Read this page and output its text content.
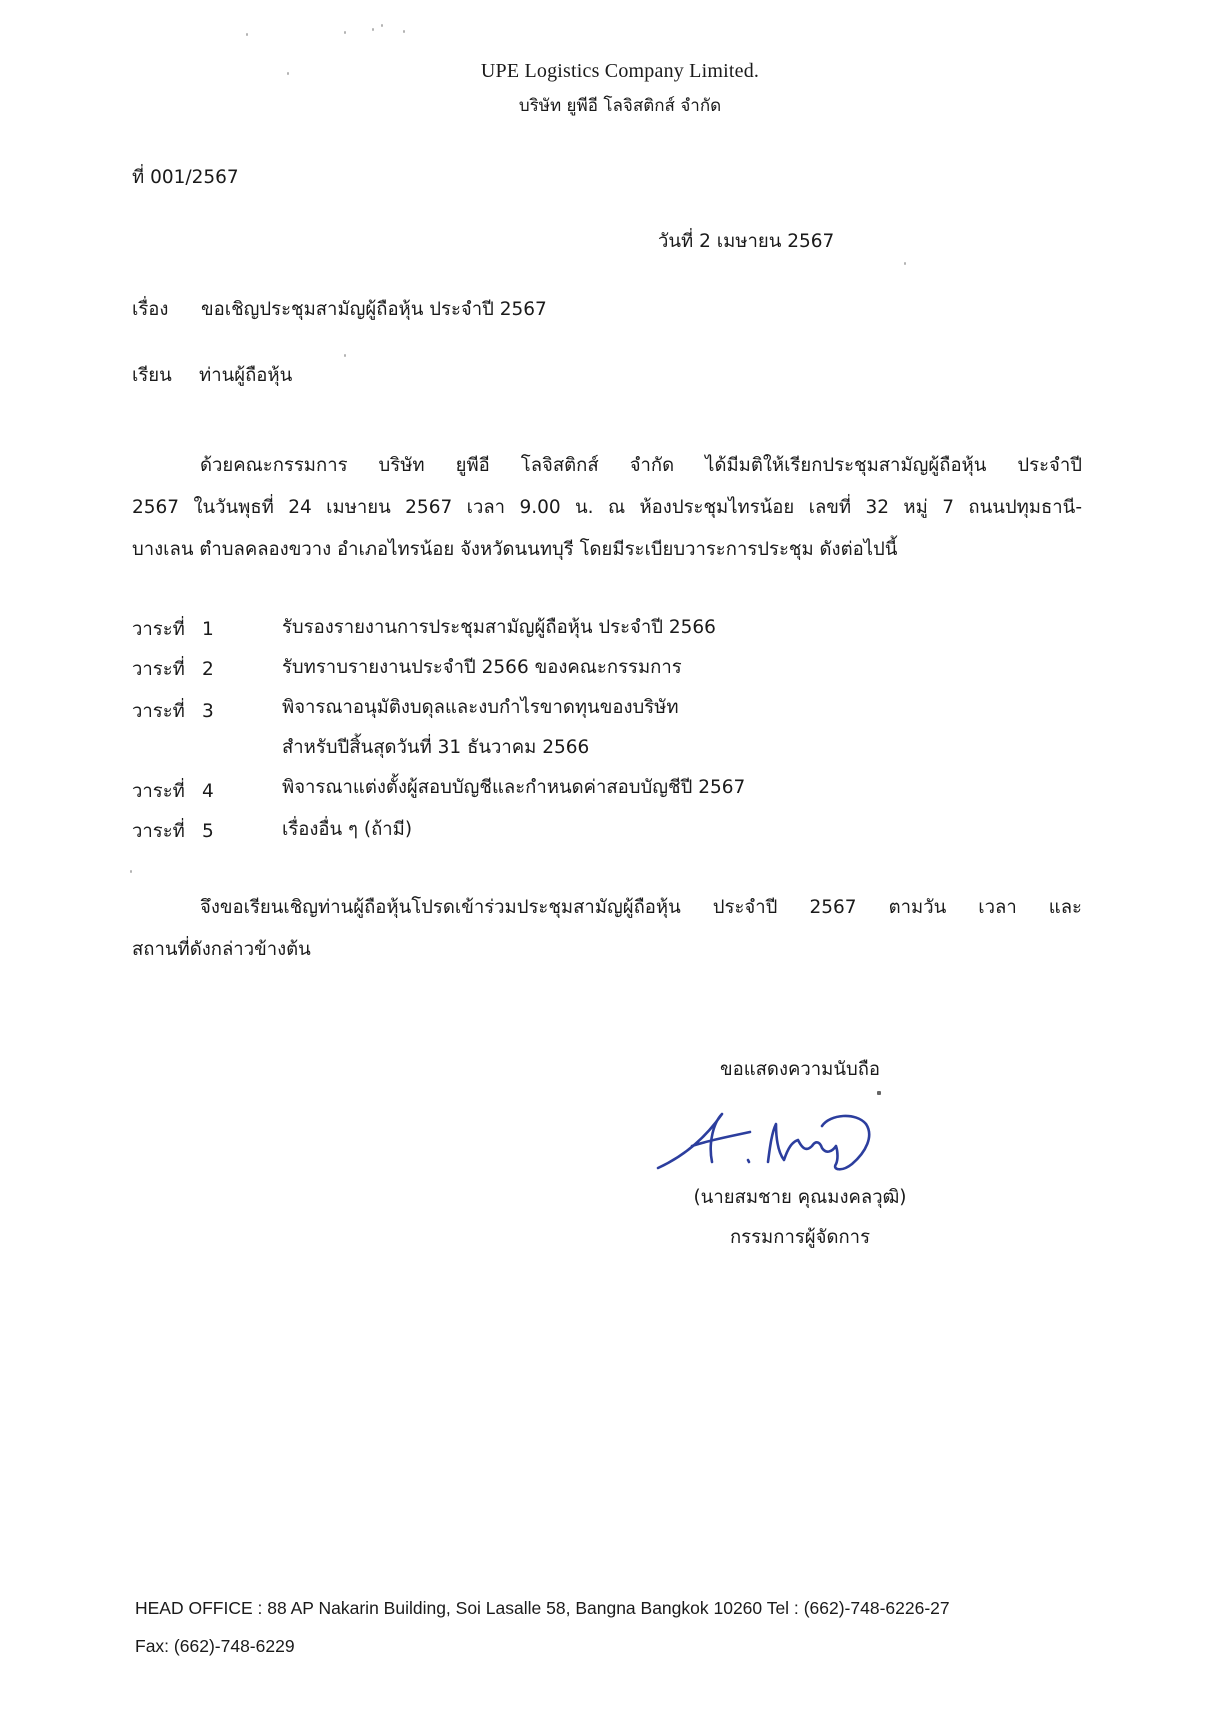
UPE Logistics Company Limited.
บริษัท ยูพีอี โลจิสติกส์ จำกัด
ที่ 001/2567
วันที่ 2 เมษายน 2567
เรื่อง ขอเชิญประชุมสามัญผู้ถือหุ้น ประจำปี 2567
เรียน ท่านผู้ถือหุ้น
ด้วยคณะกรรมการ บริษัท ยูพีอี โลจิสติกส์ จำกัด ได้มีมติให้เรียกประชุมสามัญผู้ถือหุ้น ประจำปี
2567 ในวันพุธที่ 24 เมษายน 2567 เวลา 9.00 น. ณ ห้องประชุมไทรน้อย เลขที่ 32 หมู่ 7 ถนนปทุมธานี-
บางเลน ตำบลคลองขวาง อำเภอไทรน้อย จังหวัดนนทบุรี โดยมีระเบียบวาระการประชุม ดังต่อไปนี้
วาระที่ 1	รับรองรายงานการประชุมสามัญผู้ถือหุ้น ประจำปี 2566
วาระที่ 2	รับทราบรายงานประจำปี 2566 ของคณะกรรมการ
วาระที่ 3	พิจารณาอนุมัติงบดุลและงบกำไรขาดทุนของบริษัท
สำหรับปีสิ้นสุดวันที่ 31 ธันวาคม 2566
วาระที่ 4	พิจารณาแต่งตั้งผู้สอบบัญชีและกำหนดค่าสอบบัญชีปี 2567
วาระที่ 5	เรื่องอื่น ๆ (ถ้ามี)
จึงขอเรียนเชิญท่านผู้ถือหุ้นโปรดเข้าร่วมประชุมสามัญผู้ถือหุ้น ประจำปี 2567 ตามวัน เวลา และ
สถานที่ดังกล่าวข้างต้น
ขอแสดงความนับถือ
(นายสมชาย คุณมงคลวุฒิ)
กรรมการผู้จัดการ
HEAD OFFICE : 88 AP Nakarin Building, Soi Lasalle 58, Bangna Bangkok 10260 Tel : (662)-748-6226-27
Fax: (662)-748-6229
